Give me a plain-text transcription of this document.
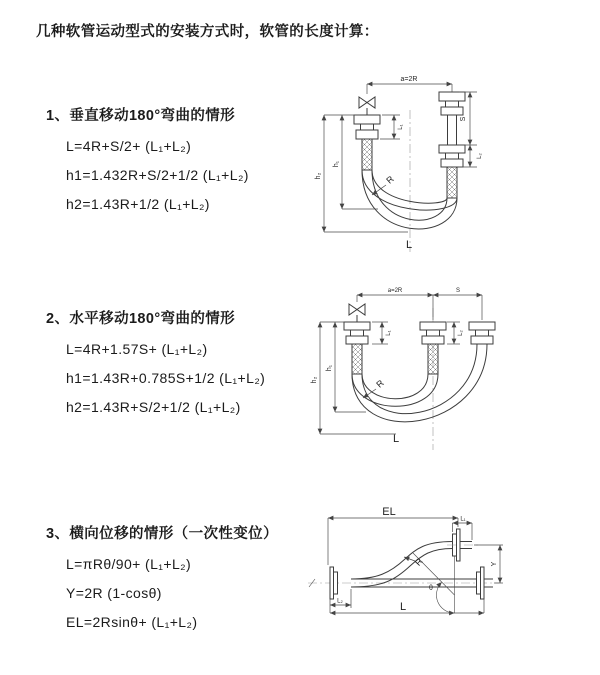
几种软管运动型式的安装方式时，软管的长度计算：
1、垂直移动180°弯曲的情形
L=4R+S/2+ (L₁+L₂)
h1=1.432R+S/2+1/2 (L₁+L₂)
h2=1.43R+1/2 (L₁+L₂)
2、水平移动180°弯曲的情形
L=4R+1.57S+ (L₁+L₂)
h1=1.43R+0.785S+1/2 (L₁+L₂)
h2=1.43R+S/2+1/2 (L₁+L₂)
3、横向位移的情形（一次性变位）
L=πRθ/90+ (L₁+L₂)
Y=2R (1-cosθ)
EL=2Rsinθ+ (L₁+L₂)
a=2R
S
L₂
L₁
h₁
h₂	R
L
a=2R	S
L₁	L₂
h₁
h₂	R
L
EL
L₁
Y
θ
R
L₂	L
